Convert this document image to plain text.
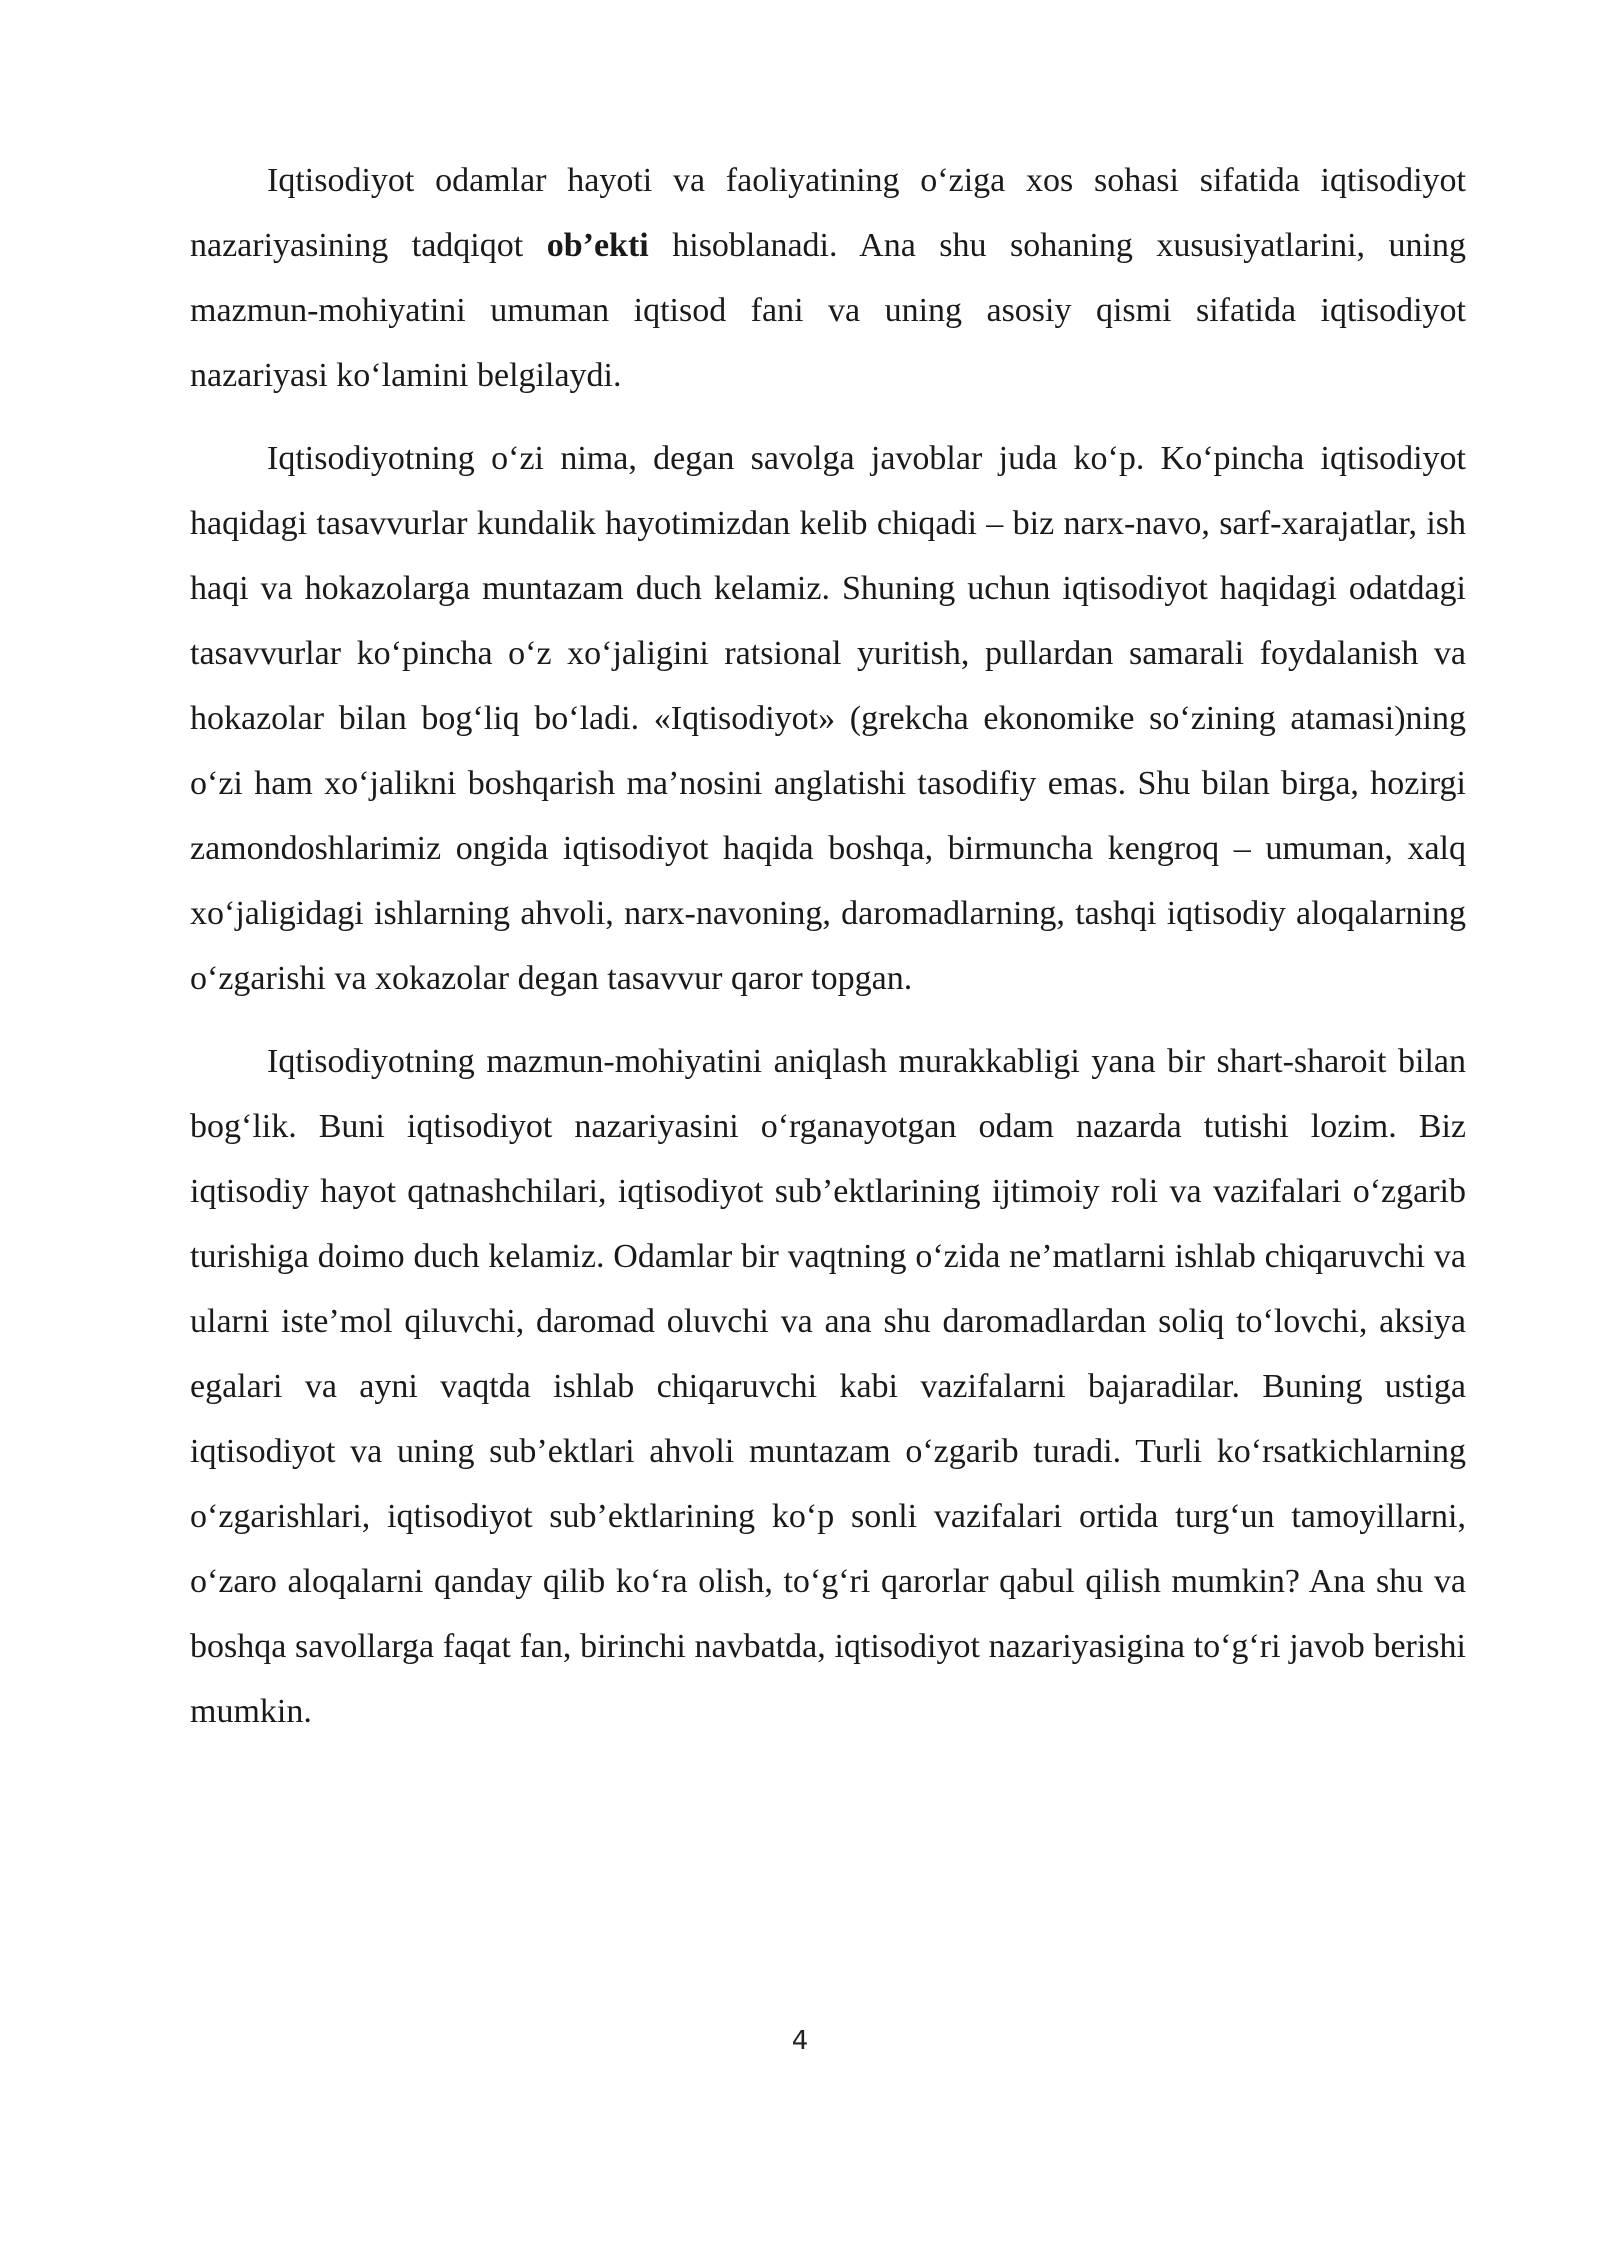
Iqtisodiyot odamlar hayoti va faoliyatining o‘ziga xos sohasi sifatida iqtisodiyot nazariyasining tadqiqot ob’ekti hisoblanadi. Ana shu sohaning xususiyatlarini, uning mazmun-mohiyatini umuman iqtisod fani va uning asosiy qismi sifatida iqtisodiyot nazariyasi ko‘lamini belgilaydi.

Iqtisodiyotning o‘zi nima, degan savolga javoblar juda ko‘p. Ko‘pincha iqtisodiyot haqidagi tasavvurlar kundalik hayotimizdan kelib chiqadi – biz narx-navo, sarf-xarajatlar, ish haqi va hokazolarga muntazam duch kelamiz. Shuning uchun iqtisodiyot haqidagi odatdagi tasavvurlar ko‘pincha o‘z xo‘jaligini ratsional yuritish, pullardan samarali foydalanish va hokazolar bilan bog‘liq bo‘ladi. «Iqtisodiyot» (grekcha ekonomike so‘zining atamasi)ning o‘zi ham xo‘jalikni boshqarish ma’nosini anglatishi tasodifiy emas. Shu bilan birga, hozirgi zamondoshlarimiz ongida iqtisodiyot haqida boshqa, birmuncha kengroq – umuman, xalq xo‘jaligidagi ishlarning ahvoli, narx-navoning, daromadlarning, tashqi iqtisodiy aloqalarning o‘zgarishi va xokazolar degan tasavvur qaror topgan.

Iqtisodiyotning mazmun-mohiyatini aniqlash murakkabligi yana bir shart-sharoit bilan bog‘lik. Buni iqtisodiyot nazariyasini o‘rganayotgan odam nazarda tutishi lozim. Biz iqtisodiy hayot qatnashchilari, iqtisodiyot sub’ektlarining ijtimoiy roli va vazifalari o‘zgarib turishiga doimo duch kelamiz. Odamlar bir vaqtning o‘zida ne’matlarni ishlab chiqaruvchi va ularni iste’mol qiluvchi, daromad oluvchi va ana shu daromadlardan soliq to‘lovchi, aksiya egalari va ayni vaqtda ishlab chiqaruvchi kabi vazifalarni bajaradilar. Buning ustiga iqtisodiyot va uning sub’ektlari ahvoli muntazam o‘zgarib turadi. Turli ko‘rsatkichlarning o‘zgarishlari, iqtisodiyot sub’ektlarining ko‘p sonli vazifalari ortida turg‘un tamoyillarni, o‘zaro aloqalarni qanday qilib ko‘ra olish, to‘g‘ri qarorlar qabul qilish mumkin? Ana shu va boshqa savollarga faqat fan, birinchi navbatda, iqtisodiyot nazariyasigina to‘g‘ri javob berishi mumkin.

4
